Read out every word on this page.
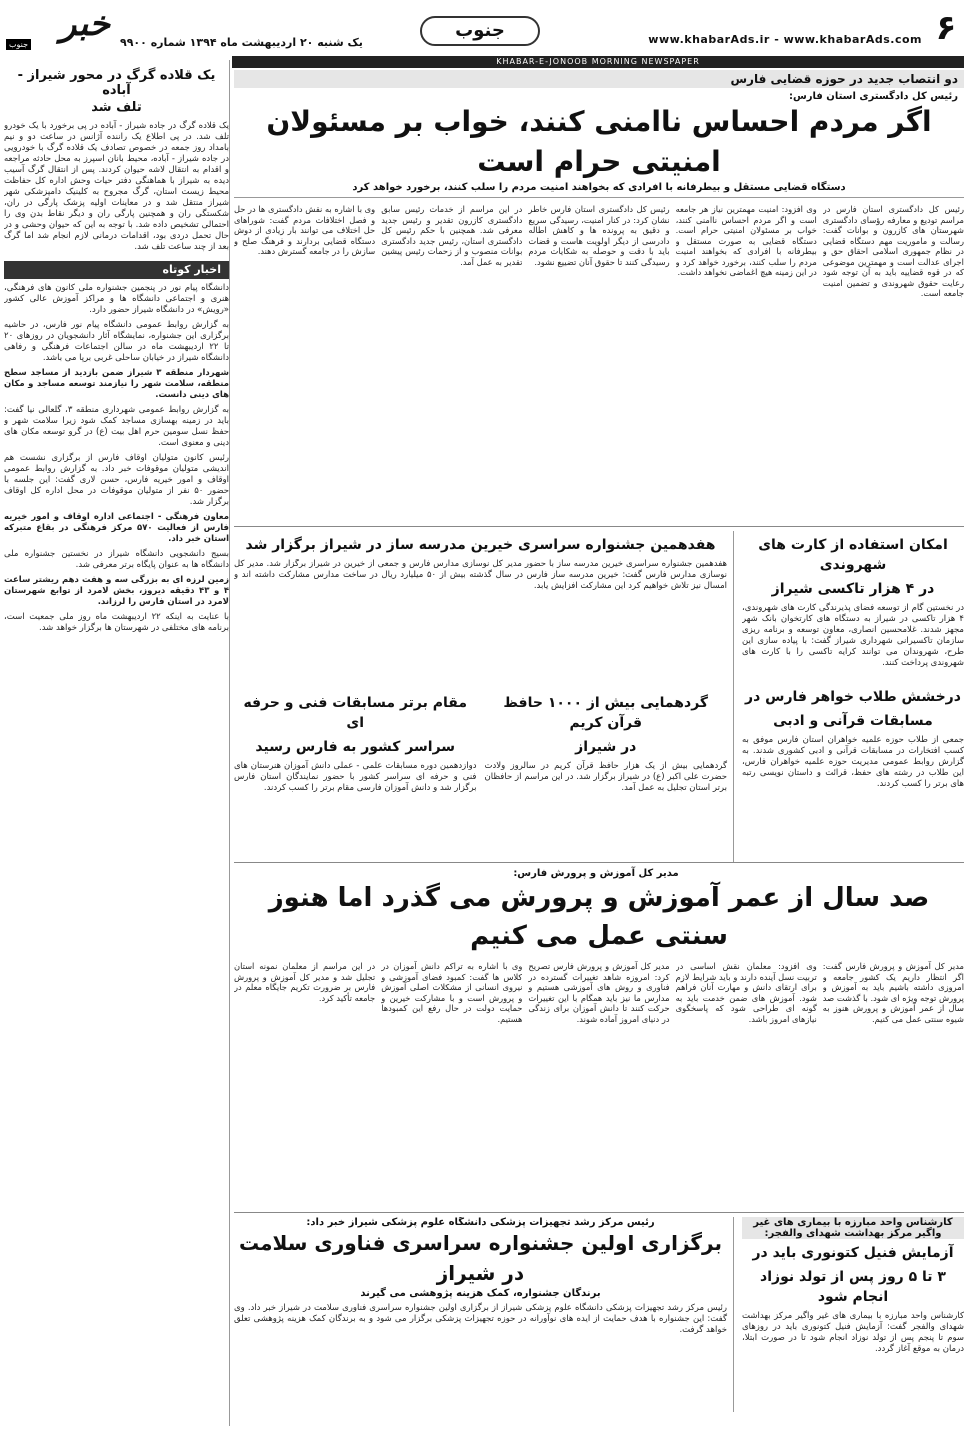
۶
www.khabarAds.ir - www.khabarAds.com
جنوب
یک شنبه ۲۰ اردیبهشت ماه ۱۳۹۴ شماره ۹۹۰۰
خبر
جنوب
KHABAR-E-JONOOB MORNING NEWSPAPER
یک قلاده گرگ در محور شیراز - آباده
تلف شد
یک قلاده گرگ در جاده شیراز - آباده در پی برخورد با یک خودرو تلف شد. در پی اطلاع یک راننده آژانس در ساعت دو و نیم بامداد روز جمعه در خصوص تصادف یک قلاده گرگ با خودرویی در جاده شیراز - آباده، محیط بانان اسپرز به محل حادثه مراجعه و اقدام به انتقال لاشه حیوان کردند. پس از انتقال گرگ آسیب دیده به شیراز با هماهنگی دفتر حیات وحش اداره کل حفاظت محیط زیست استان، گرگ مجروح به کلینیک دامپزشکی شهر شیراز منتقل شد و در معاینات اولیه پزشک پارگی در ران، شکستگی ران و همچنین پارگی ران و دیگر نقاط بدن وی را احتمالی تشخیص داده شد. با توجه به این که حیوان وحشی و در حال تحمل دردی بود، اقدامات درمانی لازم انجام شد اما گرگ بعد از چند ساعت تلف شد.
اخبار کوتاه

دانشگاه پیام نور در پنجمین جشنواره ملی کانون های فرهنگی، هنری و اجتماعی دانشگاه ها و مراکز آموزش عالی کشور «رویش» در دانشگاه شیراز حضور دارد.

به گزارش روابط عمومی دانشگاه پیام نور فارس، در حاشیه برگزاری این جشنواره، نمایشگاه آثار دانشجویان در روزهای ۲۰ تا ۲۲ اردیبهشت ماه در سالن اجتماعات فرهنگی و رفاهی دانشگاه شیراز در خیابان ساحلی غربی برپا می باشد.

شهردار منطقه ۳ شیراز ضمن بازدید از مساجد سطح منطقه، سلامت شهر را نیازمند توسعه مساجد و مکان های دینی دانست.

به گزارش روابط عمومی شهرداری منطقه ۳، گلعالی نیا گفت: باید در زمینه بهسازی مساجد کمک شود زیرا سلامت شهر و حفظ نسل سومین حرم اهل بیت (ع) در گرو توسعه مکان های دینی و معنوی است.

رئیس کانون متولیان اوقاف فارس از برگزاری نشست هم اندیشی متولیان موقوفات خبر داد. به گزارش روابط عمومی اوقاف و امور خیریه فارس، حسن لاری گفت: این جلسه با حضور ۵۰ نفر از متولیان موقوفات در محل اداره کل اوقاف برگزار شد.

معاون فرهنگی - اجتماعی اداره اوقاف و امور خیریه فارس از فعالیت ۵۷۰ مرکز فرهنگی در بقاع متبرکه استان خبر داد.

بسیج دانشجویی دانشگاه شیراز در نخستین جشنواره ملی دانشگاه ها به عنوان پایگاه برتر معرفی شد.

زمین لرزه ای به بزرگی سه و هفت دهم ریشتر ساعت ۴ و ۴۳ دقیقه دیروز، بخش لامرد از توابع شهرستان لامرد در استان فارس را لرزاند.

با عنایت به اینکه ۲۲ اردیبهشت ماه روز ملی جمعیت است، برنامه های مختلفی در شهرستان ها برگزار خواهد شد.

دو انتصاب جدید در حوزه قضایی فارس
رئیس کل دادگستری استان فارس:
اگر مردم احساس ناامنی کنند، خواب بر مسئولان امنیتی حرام است
دستگاه قضایی مستقل و بیطرفانه با افرادی که بخواهند امنیت مردم را سلب کنند، برخورد خواهد کرد
رئیس کل دادگستری استان فارس در مراسم تودیع و معارفه رؤسای دادگستری شهرستان های کازرون و بوانات گفت: رسالت و ماموریت مهم دستگاه قضایی در نظام جمهوری اسلامی احقاق حق و اجرای عدالت است و مهمترین موضوعی که در قوه قضاییه باید به آن توجه شود رعایت حقوق شهروندی و تضمین امنیت جامعه است.
وی افزود: امنیت مهمترین نیاز هر جامعه است و اگر مردم احساس ناامنی کنند، خواب بر مسئولان امنیتی حرام است. دستگاه قضایی به صورت مستقل و بیطرفانه با افرادی که بخواهند امنیت مردم را سلب کنند، برخورد خواهد کرد و در این زمینه هیچ اغماضی نخواهد داشت.
رئیس کل دادگستری استان فارس خاطر نشان کرد: در کنار امنیت، رسیدگی سریع و دقیق به پرونده ها و کاهش اطاله دادرسی از دیگر اولویت هاست و قضات باید با دقت و حوصله به شکایات مردم رسیدگی کنند تا حقوق آنان تضییع نشود.
در این مراسم از خدمات رئیس سابق دادگستری کازرون تقدیر و رئیس جدید معرفی شد. همچنین با حکم رئیس کل دادگستری استان، رئیس جدید دادگستری بوانات منصوب و از زحمات رئیس پیشین تقدیر به عمل آمد.
وی با اشاره به نقش دادگستری ها در حل و فصل اختلافات مردم گفت: شوراهای حل اختلاف می توانند بار زیادی از دوش دستگاه قضایی بردارند و فرهنگ صلح و سازش را در جامعه گسترش دهند.
امکان استفاده از کارت های شهروندی
در ۴ هزار تاکسی شیراز
در نخستین گام از توسعه فضای پذیرندگی کارت های شهروندی، ۴ هزار تاکسی در شیراز به دستگاه های کارتخوان بانک شهر مجهز شدند. غلامحسین انصاری، معاون توسعه و برنامه ریزی سازمان تاکسیرانی شهرداری شیراز گفت: با پیاده سازی این طرح، شهروندان می توانند کرایه تاکسی را با کارت های شهروندی پرداخت کنند.
درخشش طلاب خواهر فارس در
مسابقات قرآنی و ادبی
جمعی از طلاب حوزه علمیه خواهران استان فارس موفق به کسب افتخارات در مسابقات قرآنی و ادبی کشوری شدند. به گزارش روابط عمومی مدیریت حوزه علمیه خواهران فارس، این طلاب در رشته های حفظ، قرائت و داستان نویسی رتبه های برتر را کسب کردند.
هفدهمین جشنواره سراسری خیرین مدرسه ساز در شیراز برگزار شد
هفدهمین جشنواره سراسری خیرین مدرسه ساز با حضور مدیر کل نوسازی مدارس فارس و جمعی از خیرین در شیراز برگزار شد. مدیر کل نوسازی مدارس فارس گفت: خیرین مدرسه ساز فارس در سال گذشته بیش از ۵۰ میلیارد ریال در ساخت مدارس مشارکت داشته اند و امسال نیز تلاش خواهیم کرد این مشارکت افزایش یابد.
گردهمایی بیش از ۱۰۰۰ حافظ قرآن کریم
در شیراز
گردهمایی بیش از یک هزار حافظ قرآن کریم در سالروز ولادت حضرت علی اکبر (ع) در شیراز برگزار شد. در این مراسم از حافظان برتر استان تجلیل به عمل آمد.
مقام برتر مسابقات فنی و حرفه ای
سراسر کشور به فارس رسید
دوازدهمین دوره مسابقات علمی - عملی دانش آموزان هنرستان های فنی و حرفه ای سراسر کشور با حضور نمایندگان استان فارس برگزار شد و دانش آموزان فارسی مقام برتر را کسب کردند.
مدیر کل آموزش و پرورش فارس:
صد سال از عمر آموزش و پرورش می گذرد اما هنوز سنتی عمل می کنیم
مدیر کل آموزش و پرورش فارس گفت: اگر انتظار داریم یک کشور جامعه و امروزی داشته باشیم باید به آموزش و پرورش توجه ویژه ای شود. با گذشت صد سال از عمر آموزش و پرورش هنوز به شیوه سنتی عمل می کنیم.
وی افزود: معلمان نقش اساسی در تربیت نسل آینده دارند و باید شرایط لازم برای ارتقای دانش و مهارت آنان فراهم شود. آموزش های ضمن خدمت باید به گونه ای طراحی شود که پاسخگوی نیازهای امروز باشد.
مدیر کل آموزش و پرورش فارس تصریح کرد: امروزه شاهد تغییرات گسترده در فناوری و روش های آموزشی هستیم و مدارس ما نیز باید همگام با این تغییرات حرکت کنند تا دانش آموزان برای زندگی در دنیای امروز آماده شوند.
وی با اشاره به تراکم دانش آموزان در کلاس ها گفت: کمبود فضای آموزشی و نیروی انسانی از مشکلات اصلی آموزش و پرورش است و با مشارکت خیرین و حمایت دولت در حال رفع این کمبودها هستیم.
در این مراسم از معلمان نمونه استان تجلیل شد و مدیر کل آموزش و پرورش فارس بر ضرورت تکریم جایگاه معلم در جامعه تأکید کرد.
کارشناس واحد مبارزه با بیماری های غیر واگیر مرکز بهداشت شهدای والفجر:
آزمایش فنیل کتونوری باید در
۳ تا ۵ روز پس از تولد نوزاد انجام شود
کارشناس واحد مبارزه با بیماری های غیر واگیر مرکز بهداشت شهدای والفجر گفت: آزمایش فنیل کتونوری باید در روزهای سوم تا پنجم پس از تولد نوزاد انجام شود تا در صورت ابتلا، درمان به موقع آغاز گردد.
رئیس مرکز رشد تجهیزات پزشکی دانشگاه علوم پزشکی شیراز خبر داد:
برگزاری اولین جشنواره سراسری فناوری سلامت در شیراز
برندگان جشنواره، کمک هزینه پژوهشی می گیرند
رئیس مرکز رشد تجهیزات پزشکی دانشگاه علوم پزشکی شیراز از برگزاری اولین جشنواره سراسری فناوری سلامت در شیراز خبر داد. وی گفت: این جشنواره با هدف حمایت از ایده های نوآورانه در حوزه تجهیزات پزشکی برگزار می شود و به برندگان کمک هزینه پژوهشی تعلق خواهد گرفت.
